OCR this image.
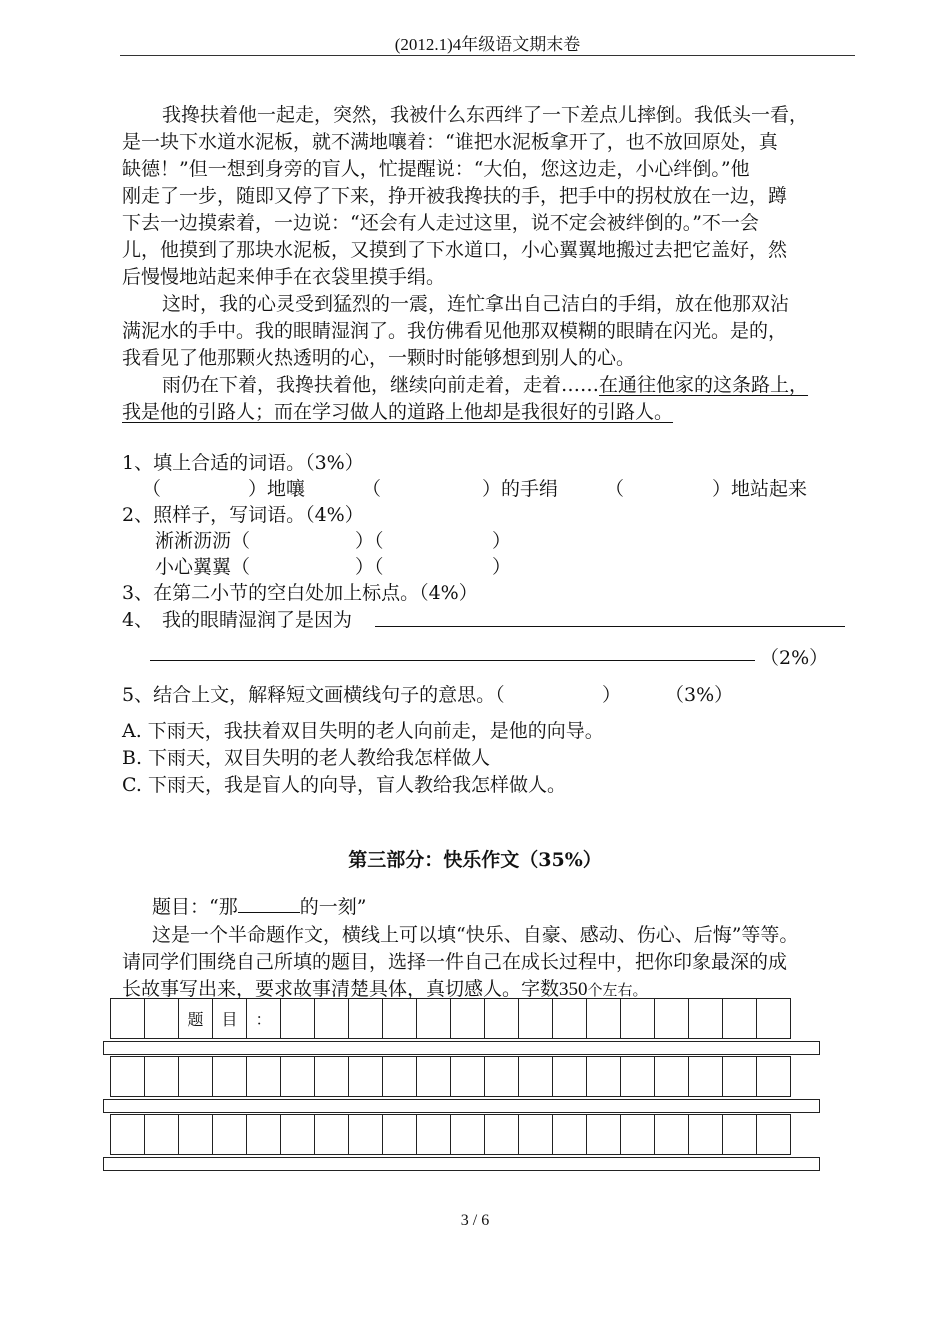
(2012.1)4年级语文期末卷
我搀扶着他一起走，突然，我被什么东西绊了一下差点儿摔倒。我低头一看，
是一块下水道水泥板，就不满地嚷着：“谁把水泥板拿开了，也不放回原处，真
缺德！”但一想到身旁的盲人，忙提醒说：“大伯，您这边走，小心绊倒。”他
刚走了一步，随即又停了下来，挣开被我搀扶的手，把手中的拐杖放在一边，蹲
下去一边摸索着，一边说：“还会有人走过这里，说不定会被绊倒的。”不一会
儿，他摸到了那块水泥板，又摸到了下水道口，小心翼翼地搬过去把它盖好，然
后慢慢地站起来伸手在衣袋里摸手绢。
这时，我的心灵受到猛烈的一震，连忙拿出自己洁白的手绢，放在他那双沾
满泥水的手中。我的眼睛湿润了。我仿佛看见他那双模糊的眼睛在闪光。是的，
我看见了他那颗火热透明的心，一颗时时能够想到别人的心。
雨仍在下着，我搀扶着他，继续向前走着，走着……在通往他家的这条路上，
我是他的引路人；而在学习做人的道路上他却是我很好的引路人。
1、填上合适的词语。（3%）
（	）地嚷	（	）的手绢 （	）地站起来
2、照样子，写词语。（4%）
淅淅沥沥（	）（	）
小心翼翼（	）（	）
3、在第二小节的空白处加上标点。（4%）
4、 我的眼睛湿润了是因为
（2%）
5、结合上文，解释短文画横线句子的意思。（	） （3%）
A. 下雨天，我扶着双目失明的老人向前走，是他的向导。
B. 下雨天，双目失明的老人教给我怎样做人
C. 下雨天，我是盲人的向导，盲人教给我怎样做人。
第三部分：快乐作文（35%）
题目：“那	的一刻”
这是一个半命题作文，横线上可以填“快乐、自豪、感动、伤心、后悔”等等。
请同学们围绕自己所填的题目，选择一件自己在成长过程中，把你印象最深的成
长故事写出来，要求故事清楚具体，真切感人。字数350个左右。
		题	目	：															

3 / 6
